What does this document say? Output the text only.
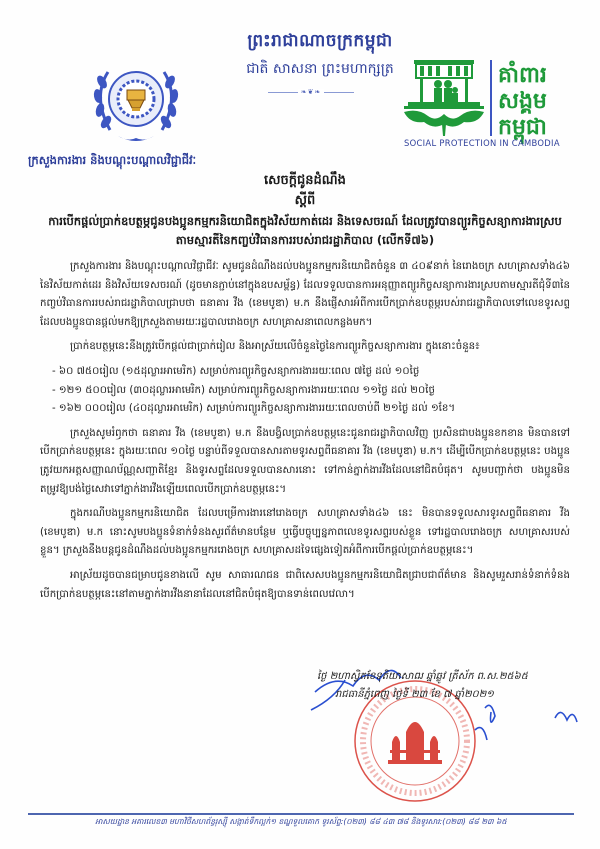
ព្រះរាជាណាចក្រកម្ពុជា
ជាតិ សាសនា ព្រះមហាក្សត្រ
❧❦❧
គាំពារ
សង្គម
កម្ពុជា
SOCIAL PROTECTION IN CAMBODIA
ក្រសួងការងារ និងបណ្តុះបណ្តាលវិជ្ជាជីវៈ
សេចក្តីជូនដំណឹង
ស្តីពី
ការបើកផ្តល់ប្រាក់ឧបត្ថម្ភជូនបងប្អូនកម្មករនិយោជិតក្នុងវិស័យកាត់ដេរ និងទេសចរណ៍ ដែលត្រូវបានព្យួរកិច្ចសន្យាការងារស្របតាមស្មារតីនៃកញ្ចប់វិធានការរបស់រាជរដ្ឋាភិបាល (លើកទី៧៦)

ក្រសួងការងារ និងបណ្តុះបណ្តាលវិជ្ជាជីវៈ សូមជូនដំណឹងដល់បងប្អូនកម្មករនិយោជិតចំនួន ៣ ៤០៩នាក់ នៃរោងចក្រ សហគ្រាសទាំង៤៦ នៃវិស័យកាត់ដេរ និងវិស័យទេសចរណ៍ (ដូចមានភ្ជាប់នៅក្នុងឧបសម្ព័ន្ធ) ដែលទទួលបានការអនុញ្ញាតព្យួរកិច្ចសន្យាការងារស្របតាមស្មារតីជុំទី៣នៃកញ្ចប់វិធានការរបស់រាជរដ្ឋាភិបាលជ្រាបថា ធនាគារ វីង (ខេមបូឌា) ម.ក នឹងផ្ញើសារអំពីការបើកប្រាក់ឧបត្ថម្ភរបស់រាជរដ្ឋាភិបាលទៅលេខទូរសព្ទ ដែលបងប្អូនបានផ្តល់មកឱ្យក្រសួងតាមរយៈរដ្ឋបាលរោងចក្រ សហគ្រាសនាពេលកន្លងមក។

ប្រាក់ឧបត្ថម្ភនេះនឹងត្រូវបើកផ្តល់ជាប្រាក់រៀល និងអាស្រ័យលើចំនួនថ្ងៃនៃការព្យួរកិច្ចសន្យាការងារ ក្នុងនោះចំនួន៖

- ៦០ ៧៥០រៀល (១៥ដុល្លារអាមេរិក) សម្រាប់ការព្យួរកិច្ចសន្យាការងាររយៈពេល ៧ថ្ងៃ ដល់ ១០ថ្ងៃ
- ១២១ ៥០០រៀល (៣០ដុល្លារអាមេរិក) សម្រាប់ការព្យួរកិច្ចសន្យាការងាររយៈពេល ១១ថ្ងៃ ដល់ ២០ថ្ងៃ
- ១៦២ ០០០រៀល (៤០ដុល្លារអាមេរិក) សម្រាប់ការព្យួរកិច្ចសន្យាការងាររយៈពេលចាប់ពី ២១ថ្ងៃ ដល់ ១ខែ។

ក្រសួងសូមរំឭកថា ធនាគារ វីង (ខេមបូឌា) ម.ក នឹងបង្វិលប្រាក់ឧបត្ថម្ភនេះជូនរាជរដ្ឋាភិបាលវិញ ប្រសិនជាបងប្អូនខកខាន មិនបានទៅបើកប្រាក់ឧបត្ថម្ភនេះ ក្នុងរយៈពេល ១០ថ្ងៃ បន្ទាប់ពីទទួលបានសារតាមទូរសព្ទពីធនាគារ វីង (ខេមបូឌា) ម.ក។ ដើម្បីបើកប្រាក់ឧបត្ថម្ភនេះ បងប្អូនត្រូវយកអត្តសញ្ញាណប័ណ្ណសញ្ជាតិខ្មែរ និងទូរសព្ទដែលទទួលបានសារនោះ ទៅកាន់ភ្នាក់ងារវីងដែលនៅជិតបំផុត។ សូមបញ្ជាក់ថា បងប្អូនមិនតម្រូវឱ្យបង់ថ្លៃសេវាទៅភ្នាក់ងារវីងឡើយពេលបើកប្រាក់ឧបត្ថម្ភនេះ។

ក្នុងករណីបងប្អូនកម្មករនិយោជិត ដែលបម្រើការងារនៅរោងចក្រ សហគ្រាសទាំង៤៦ នេះ មិនបានទទួលសារទូរសព្ទពីធនាគារ វីង (ខេមបូឌា) ម.ក នោះសូមបងប្អូនទំនាក់ទំនងសួរព័ត៌មានបន្ថែម ឬធ្វើបច្ចុប្បន្នភាពលេខទូរសព្ទរបស់ខ្លួន ទៅរដ្ឋបាលរោងចក្រ សហគ្រាសរបស់ខ្លួន។ ក្រសួងនឹងបន្តជូនដំណឹងដល់បងប្អូនកម្មកររោងចក្រ សហគ្រាសដទៃផ្សេងទៀតអំពីការបើកផ្តល់ប្រាក់ឧបត្ថម្ភនេះ។

អាស្រ័យដូចបានជម្រាបជូនខាងលើ សូម សាធារណជន ជាពិសេសបងប្អូនកម្មករនិយោជិតជ្រាបជាព័ត៌មាន និងសូមរួសរាន់ទំនាក់ទំនងបើកប្រាក់ឧបត្ថម្ភនេះនៅតាមភ្នាក់ងារវីងនានាដែលនៅជិតបំផុតឱ្យបានទាន់ពេលវេលា។

ថ្ងៃ ២ហាស្វិតខែទុតិយាសាឍ ឆ្នាំឆ្លូវ ត្រីស័ក ព.ស.២៥៦៥
រាជធានីភ្នំពេញ ថ្ងៃទី ២៣ ខែ ៧ ឆ្នាំ២០២១
អាសយដ្ឋាន អគារលេខ៣ មហាវិថីសហព័ន្ធរុស្ស៊ី សង្កាត់ទឹកល្អក់១ ខណ្ឌទួលគោក ទូរស័ព្ទ:(០២៣) ៨៨ ៤៣ ៧៨ និងទូរសារ:(០២៣) ៨៨ ២៣ ៦៥
